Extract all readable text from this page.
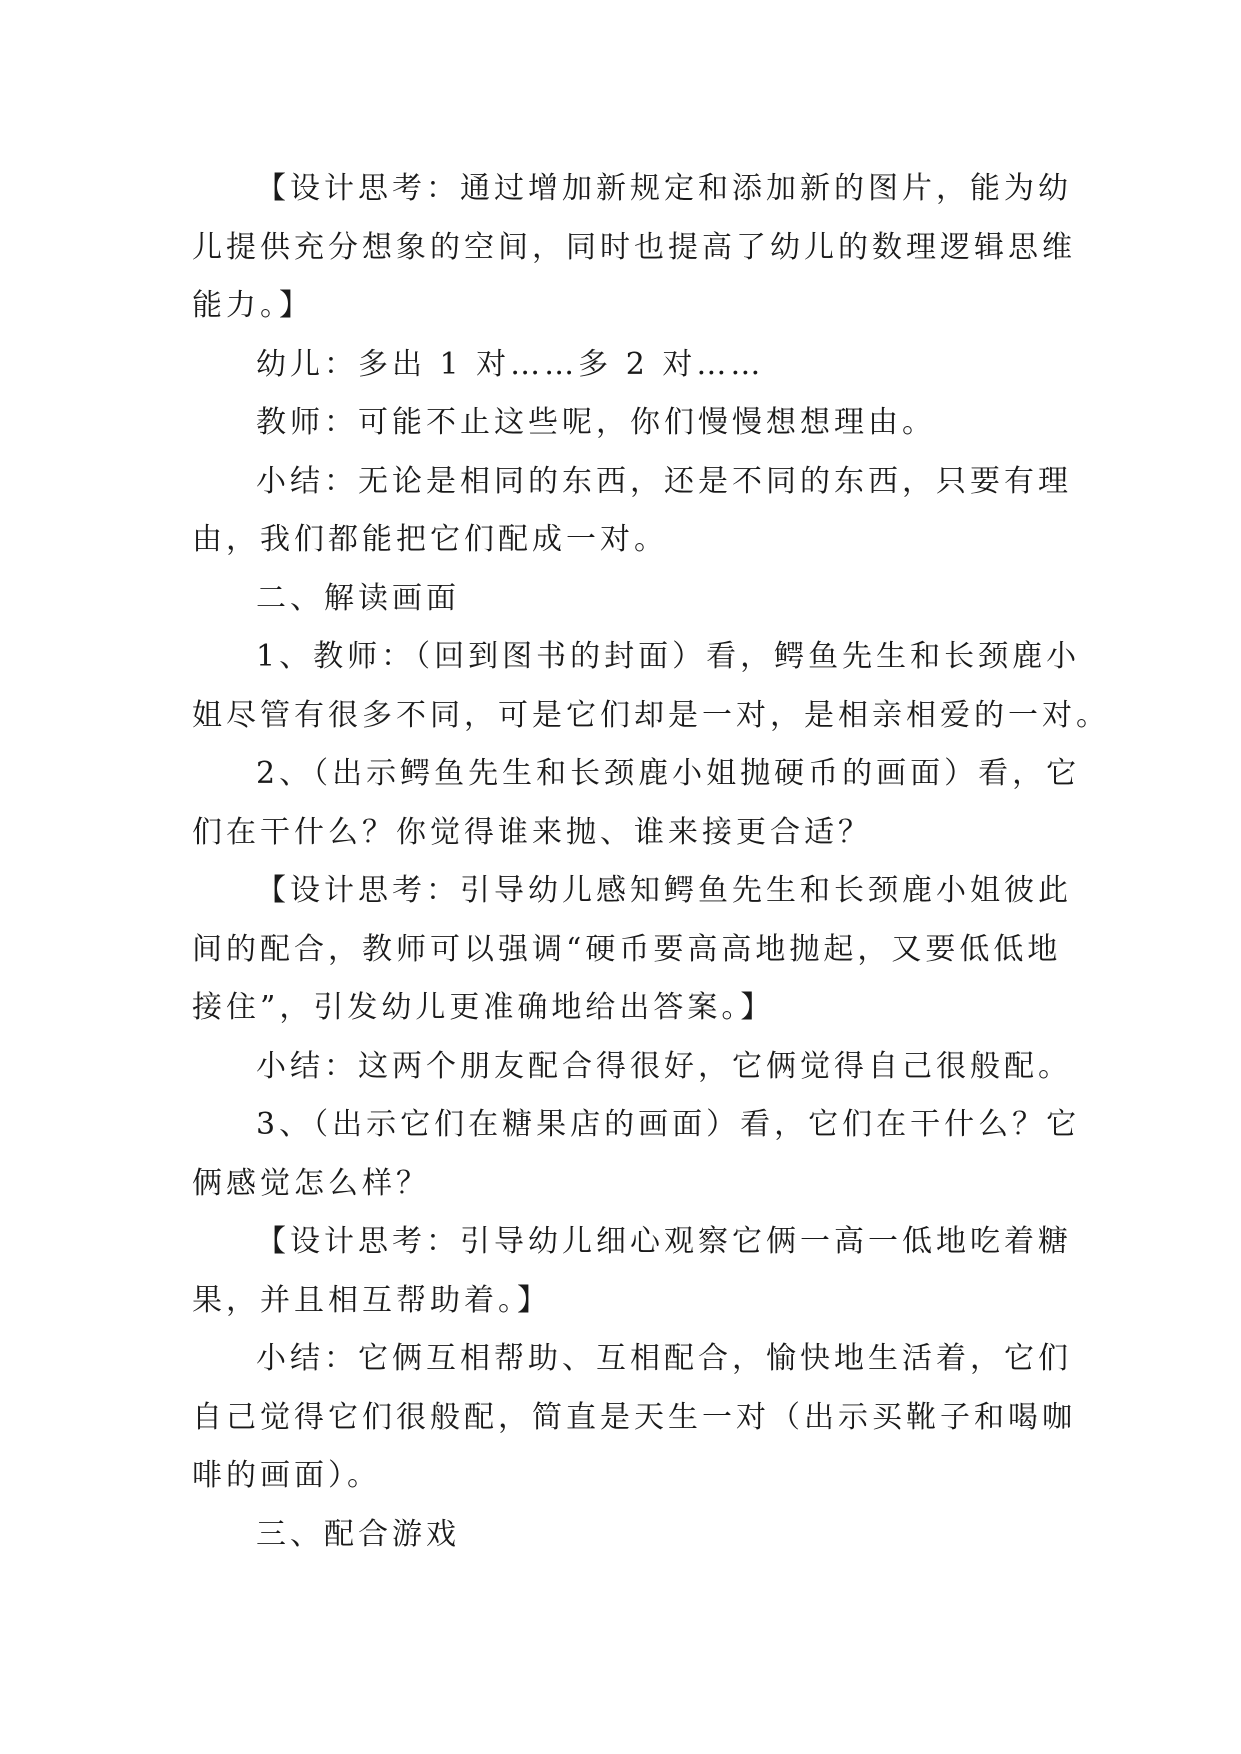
【设计思考：通过增加新规定和添加新的图片，能为幼
儿提供充分想象的空间，同时也提高了幼儿的数理逻辑思维
能力。】
幼儿：多出 1 对……多 2 对……
教师：可能不止这些呢，你们慢慢想想理由。
小结：无论是相同的东西，还是不同的东西，只要有理
由，我们都能把它们配成一对。
二、解读画面
1、教师：（回到图书的封面）看，鳄鱼先生和长颈鹿小
姐尽管有很多不同，可是它们却是一对，是相亲相爱的一对。
2、（出示鳄鱼先生和长颈鹿小姐抛硬币的画面）看，它
们在干什么？你觉得谁来抛、谁来接更合适？
【设计思考：引导幼儿感知鳄鱼先生和长颈鹿小姐彼此
间的配合，教师可以强调“硬币要高高地抛起，又要低低地
接住”，引发幼儿更准确地给出答案。】
小结：这两个朋友配合得很好，它俩觉得自己很般配。
3、（出示它们在糖果店的画面）看，它们在干什么？它
俩感觉怎么样？
【设计思考：引导幼儿细心观察它俩一高一低地吃着糖
果，并且相互帮助着。】
小结：它俩互相帮助、互相配合，愉快地生活着，它们
自己觉得它们很般配，简直是天生一对（出示买靴子和喝咖
啡的画面）。
三、配合游戏
